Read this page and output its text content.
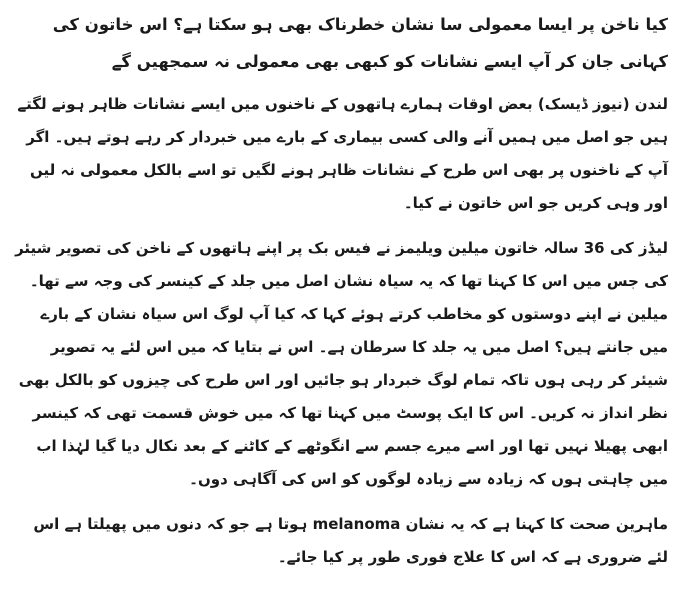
کیا ناخن پر ایسا معمولی سا نشان خطرناک بھی ہو سکتا ہے؟ اس خاتون کی کہانی جان کر آپ ایسے نشانات کو کبھی بھی معمولی نہ سمجھیں گے

لندن (نیوز ڈیسک) بعض اوقات ہمارے ہاتھوں کے ناخنوں میں ایسے نشانات ظاہر ہونے لگتے ہیں جو اصل میں ہمیں آنے والی کسی بیماری کے بارے میں خبردار کر رہے ہوتے ہیں۔ اگر آپ کے ناخنوں پر بھی اس طرح کے نشانات ظاہر ہونے لگیں تو اسے بالکل معمولی نہ لیں اور وہی کریں جو اس خاتون نے کیا۔

لیڈز کی 36 سالہ خاتون میلین ویلیمز نے فیس بک پر اپنے ہاتھوں کے ناخن کی تصویر شیئر کی جس میں اس کا کہنا تھا کہ یہ سیاہ نشان اصل میں جلد کے کینسر کی وجہ سے تھا۔ میلین نے اپنے دوستوں کو مخاطب کرتے ہوئے کہا کہ کیا آپ لوگ اس سیاہ نشان کے بارے میں جانتے ہیں؟ اصل میں یہ جلد کا سرطان ہے۔ اس نے بتایا کہ میں اس لئے یہ تصویر شیئر کر رہی ہوں تاکہ تمام لوگ خبردار ہو جائیں اور اس طرح کی چیزوں کو بالکل بھی نظر انداز نہ کریں۔ اس کا ایک پوسٹ میں کہنا تھا کہ میں خوش قسمت تھی کہ کینسر ابھی پھیلا نہیں تھا اور اسے میرے جسم سے انگوٹھے کے کاٹنے کے بعد نکال دیا گیا لہٰذا اب میں چاہتی ہوں کہ زیادہ سے زیادہ لوگوں کو اس کی آگاہی دوں۔

ماہرین صحت کا کہنا ہے کہ یہ نشان melanoma ہوتا ہے جو کہ دنوں میں پھیلتا ہے اس لئے ضروری ہے کہ اس کا علاج فوری طور پر کیا جائے۔
